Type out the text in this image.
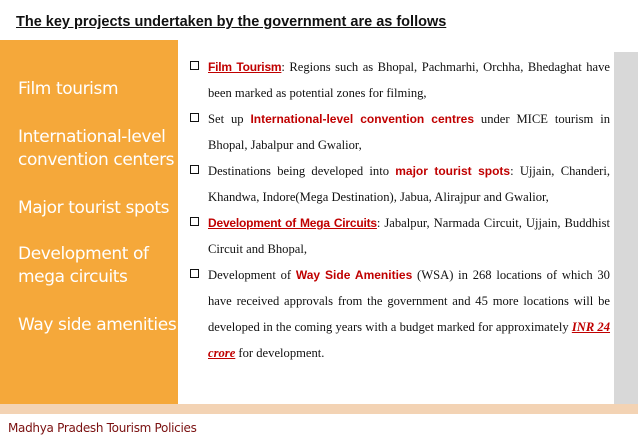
The key projects undertaken by the government are as follows
Film tourism
International-level convention centers
Major tourist spots
Development of mega circuits
Way side amenities

Film Tourism: Regions such as Bhopal, Pachmarhi, Orchha, Bhedaghat have been marked as potential zones for filming,

Set up International-level convention centres under MICE tourism in Bhopal, Jabalpur and Gwalior,

Destinations being developed into major tourist spots: Ujjain, Chanderi, Khandwa, Indore(Mega Destination), Jabua, Alirajpur and Gwalior,

Development of Mega Circuits: Jabalpur, Narmada Circuit, Ujjain, Buddhist Circuit and Bhopal,

Development of Way Side Amenities (WSA) in 268 locations of which 30 have received approvals from the government and 45 more locations will be developed in the coming years with a budget marked for approximately INR 24 crore for development.

Madhya Pradesh Tourism Policies
